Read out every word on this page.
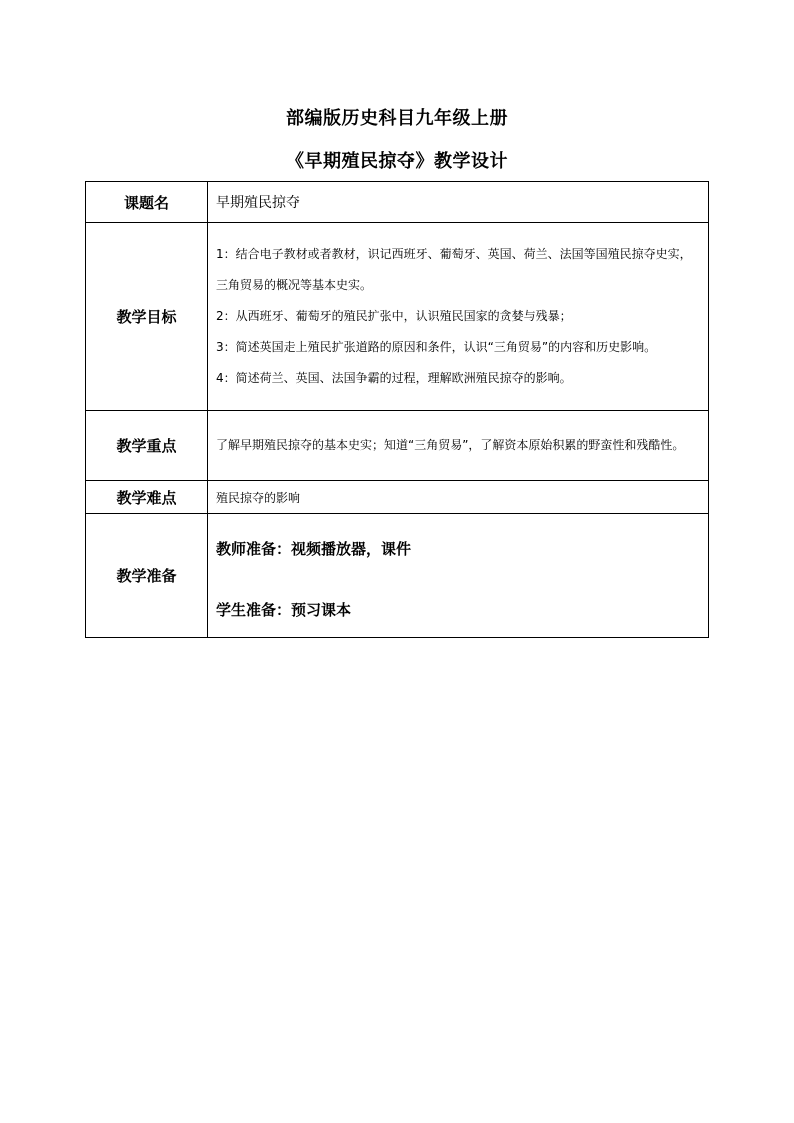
部编版历史科目九年级上册
《早期殖民掠夺》教学设计
课题名	早期殖民掠夺
教学目标	1：结合电子教材或者教材，识记西班牙、葡萄牙、英国、荷兰、法国等国殖民掠夺史实，三角贸易的概况等基本史实。

2：从西班牙、葡萄牙的殖民扩张中，认识殖民国家的贪婪与残暴；

3：简述英国走上殖民扩张道路的原因和条件，认识“三角贸易”的内容和历史影响。

4：简述荷兰、英国、法国争霸的过程，理解欧洲殖民掠夺的影响。

教学重点	了解早期殖民掠夺的基本史实；知道“三角贸易”，了解资本原始积累的野蛮性和残酷性。
教学难点	殖民掠夺的影响
教学准备	教师准备：视频播放器，课件
学生准备：预习课本
